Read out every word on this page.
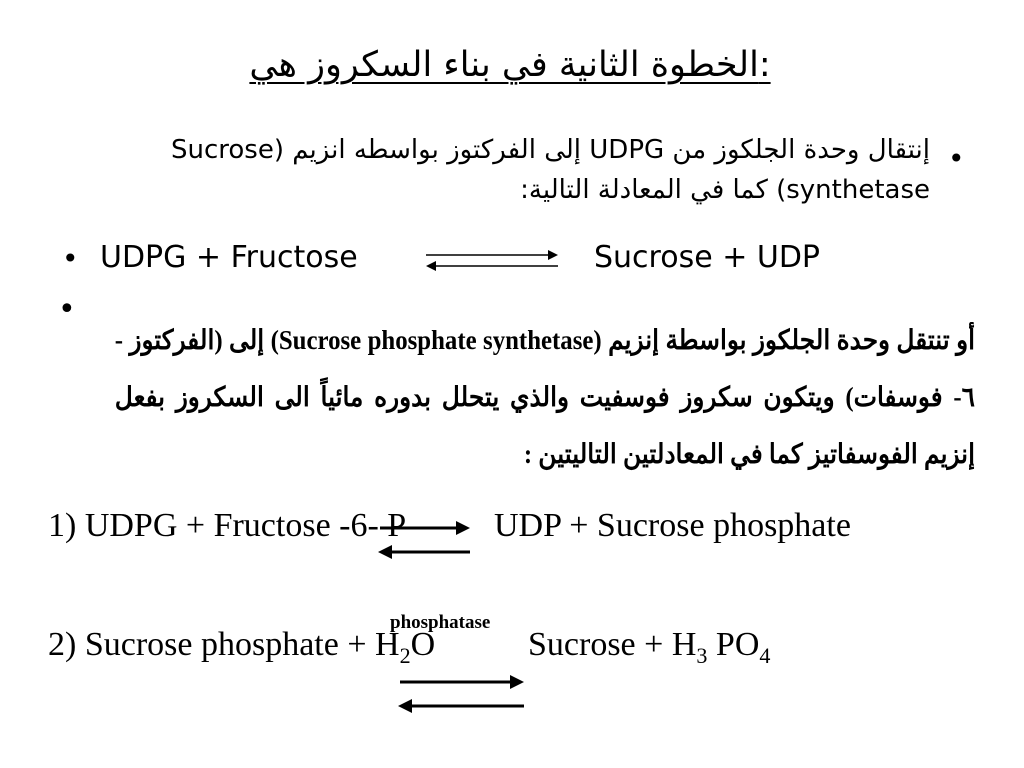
الخطوة الثانية في بناء السكروز هي:
•
إنتقال وحدة الجلكوز من UDPG إلى الفركتوز بواسطه انزيم (Sucrose synthetase) كما في المعادلة التالية:
• UDPG + Fructose	Sucrose + UDP
•
أو تنتقل وحدة الجلكوز بواسطة إنزيم (Sucrose phosphate synthetase) إلى (الفركتوز - ٦- فوسفات) ويتكون سكروز فوسفيت والذي يتحلل بدوره مائياً الى السكروز بفعل إنزيم الفوسفاتيز كما في المعادلتين التاليتين :
1) UDPG + Fructose -6- P	UDP + Sucrose phosphate
2) Sucrose phosphate + $H_2O$
phosphatase
Sucrose + $H_3$ $PO_4$
